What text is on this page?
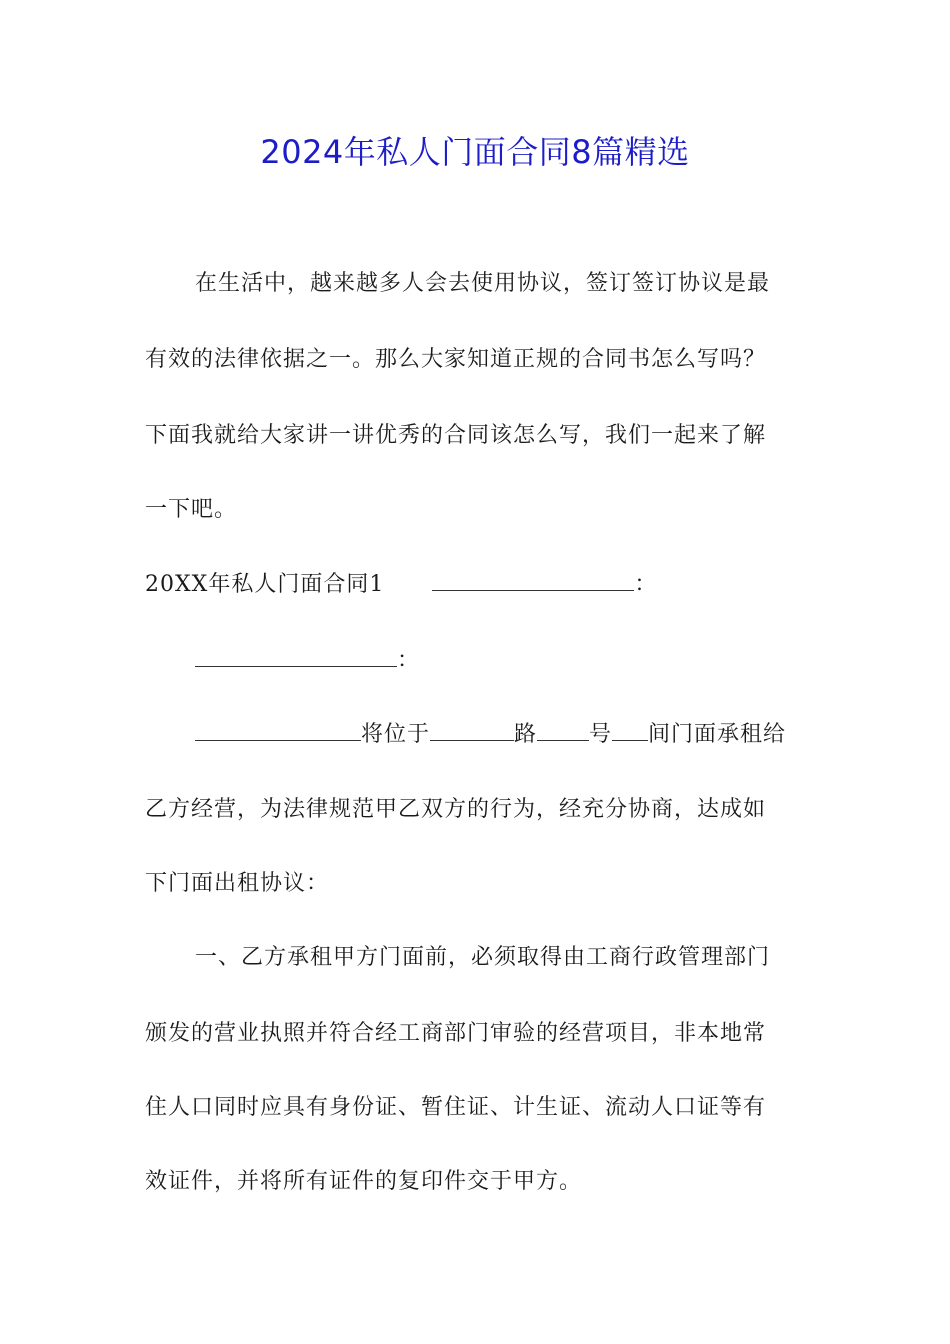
2024年私人门面合同8篇精选
在生活中，越来越多人会去使用协议，签订签订协议是最
有效的法律依据之一。那么大家知道正规的合同书怎么写吗？
下面我就给大家讲一讲优秀的合同该怎么写，我们一起来了解
一下吧。
20XX年私人门面合同1	：
：
将位于	路 号 间门面承租给
乙方经营，为法律规范甲乙双方的行为，经充分协商，达成如
下门面出租协议：
一、乙方承租甲方门面前，必须取得由工商行政管理部门
颁发的营业执照并符合经工商部门审验的经营项目，非本地常
住人口同时应具有身份证、暂住证、计生证、流动人口证等有
效证件，并将所有证件的复印件交于甲方。
